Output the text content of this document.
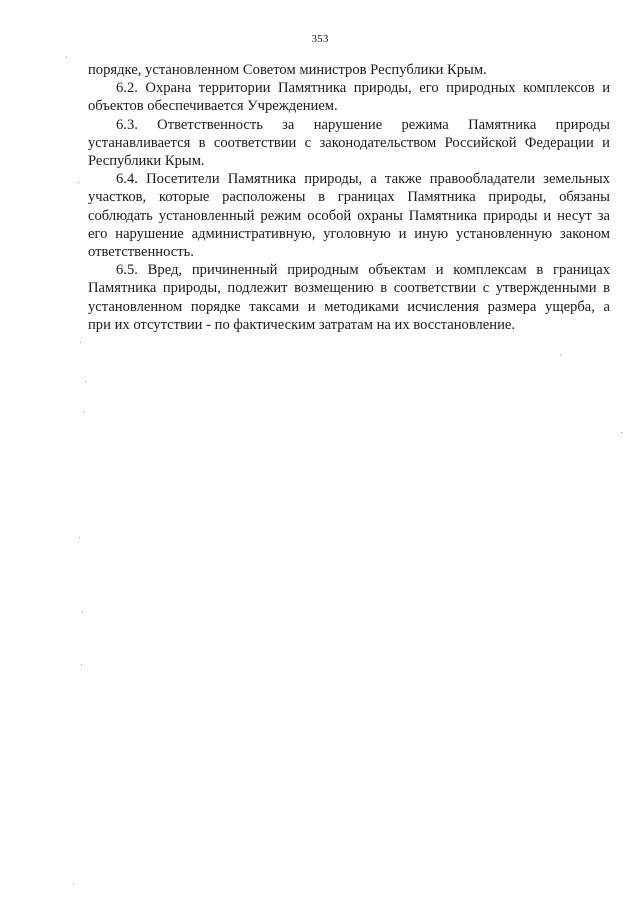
353

порядке, установленном Советом министров Республики Крым.

6.2. Охрана территории Памятника природы, его природных комплексов и
объектов обеспечивается Учреждением.

6.3. Ответственность за нарушение режима Памятника природы
устанавливается в соответствии с законодательством Российской Федерации и
Республики Крым.

6.4. Посетители Памятника природы, а также правообладатели земельных
участков, которые расположены в границах Памятника природы, обязаны
соблюдать установленный режим особой охраны Памятника природы и несут за
его нарушение административную, уголовную и иную установленную законом
ответственность.

6.5. Вред, причиненный природным объектам и комплексам в границах
Памятника природы, подлежит возмещению в соответствии с утвержденными в
установленном порядке таксами и методиками исчисления размера ущерба, а
при их отсутствии - по фактическим затратам на их восстановление.
